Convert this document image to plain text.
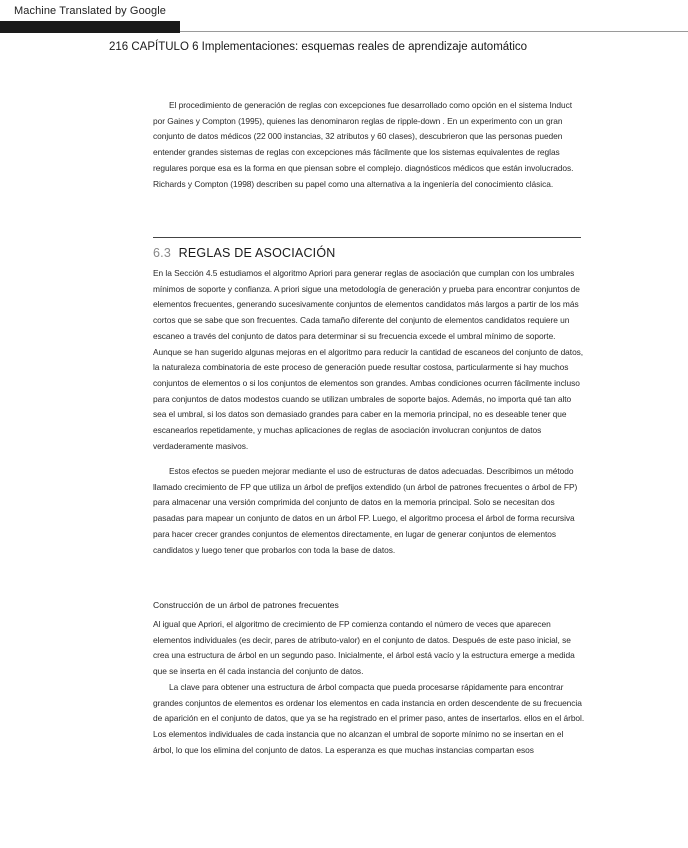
Machine Translated by Google
216 CAPÍTULO 6 Implementaciones: esquemas reales de aprendizaje automático

El procedimiento de generación de reglas con excepciones fue desarrollado como opción en el sistema Induct por Gaines y Compton (1995), quienes las denominaron reglas de ripple-down . En un experimento con un gran conjunto de datos médicos (22 000 instancias, 32 atributos y 60 clases), descubrieron que las personas pueden entender grandes sistemas de reglas con excepciones más fácilmente que los sistemas equivalentes de reglas regulares porque esa es la forma en que piensan sobre el complejo. diagnósticos médicos que están involucrados. Richards y Compton (1998) describen su papel como una alternativa a la ingeniería del conocimiento clásica.

6.3 REGLAS DE ASOCIACIÓN

En la Sección 4.5 estudiamos el algoritmo Apriori para generar reglas de asociación que cumplan con los umbrales mínimos de soporte y confianza. A priori sigue una metodología de generación y prueba para encontrar conjuntos de elementos frecuentes, generando sucesivamente conjuntos de elementos candidatos más largos a partir de los más cortos que se sabe que son frecuentes. Cada tamaño diferente del conjunto de elementos candidatos requiere un escaneo a través del conjunto de datos para determinar si su frecuencia excede el umbral mínimo de soporte. Aunque se han sugerido algunas mejoras en el algoritmo para reducir la cantidad de escaneos del conjunto de datos, la naturaleza combinatoria de este proceso de generación puede resultar costosa, particularmente si hay muchos conjuntos de elementos o si los conjuntos de elementos son grandes. Ambas condiciones ocurren fácilmente incluso para conjuntos de datos modestos cuando se utilizan umbrales de soporte bajos. Además, no importa qué tan alto sea el umbral, si los datos son demasiado grandes para caber en la memoria principal, no es deseable tener que escanearlos repetidamente, y muchas aplicaciones de reglas de asociación involucran conjuntos de datos verdaderamente masivos.

Estos efectos se pueden mejorar mediante el uso de estructuras de datos adecuadas. Describimos un método llamado crecimiento de FP que utiliza un árbol de prefijos extendido (un árbol de patrones frecuentes o árbol de FP) para almacenar una versión comprimida del conjunto de datos en la memoria principal. Solo se necesitan dos pasadas para mapear un conjunto de datos en un árbol FP. Luego, el algoritmo procesa el árbol de forma recursiva para hacer crecer grandes conjuntos de elementos directamente, en lugar de generar conjuntos de elementos candidatos y luego tener que probarlos con toda la base de datos.

Construcción de un árbol de patrones frecuentes

Al igual que Apriori, el algoritmo de crecimiento de FP comienza contando el número de veces que aparecen elementos individuales (es decir, pares de atributo-valor) en el conjunto de datos. Después de este paso inicial, se crea una estructura de árbol en un segundo paso. Inicialmente, el árbol está vacío y la estructura emerge a medida que se inserta en él cada instancia del conjunto de datos.

La clave para obtener una estructura de árbol compacta que pueda procesarse rápidamente para encontrar grandes conjuntos de elementos es ordenar los elementos en cada instancia en orden descendente de su frecuencia de aparición en el conjunto de datos, que ya se ha registrado en el primer paso, antes de insertarlos. ellos en el árbol. Los elementos individuales de cada instancia que no alcanzan el umbral de soporte mínimo no se insertan en el árbol, lo que los elimina del conjunto de datos. La esperanza es que muchas instancias compartan esos
